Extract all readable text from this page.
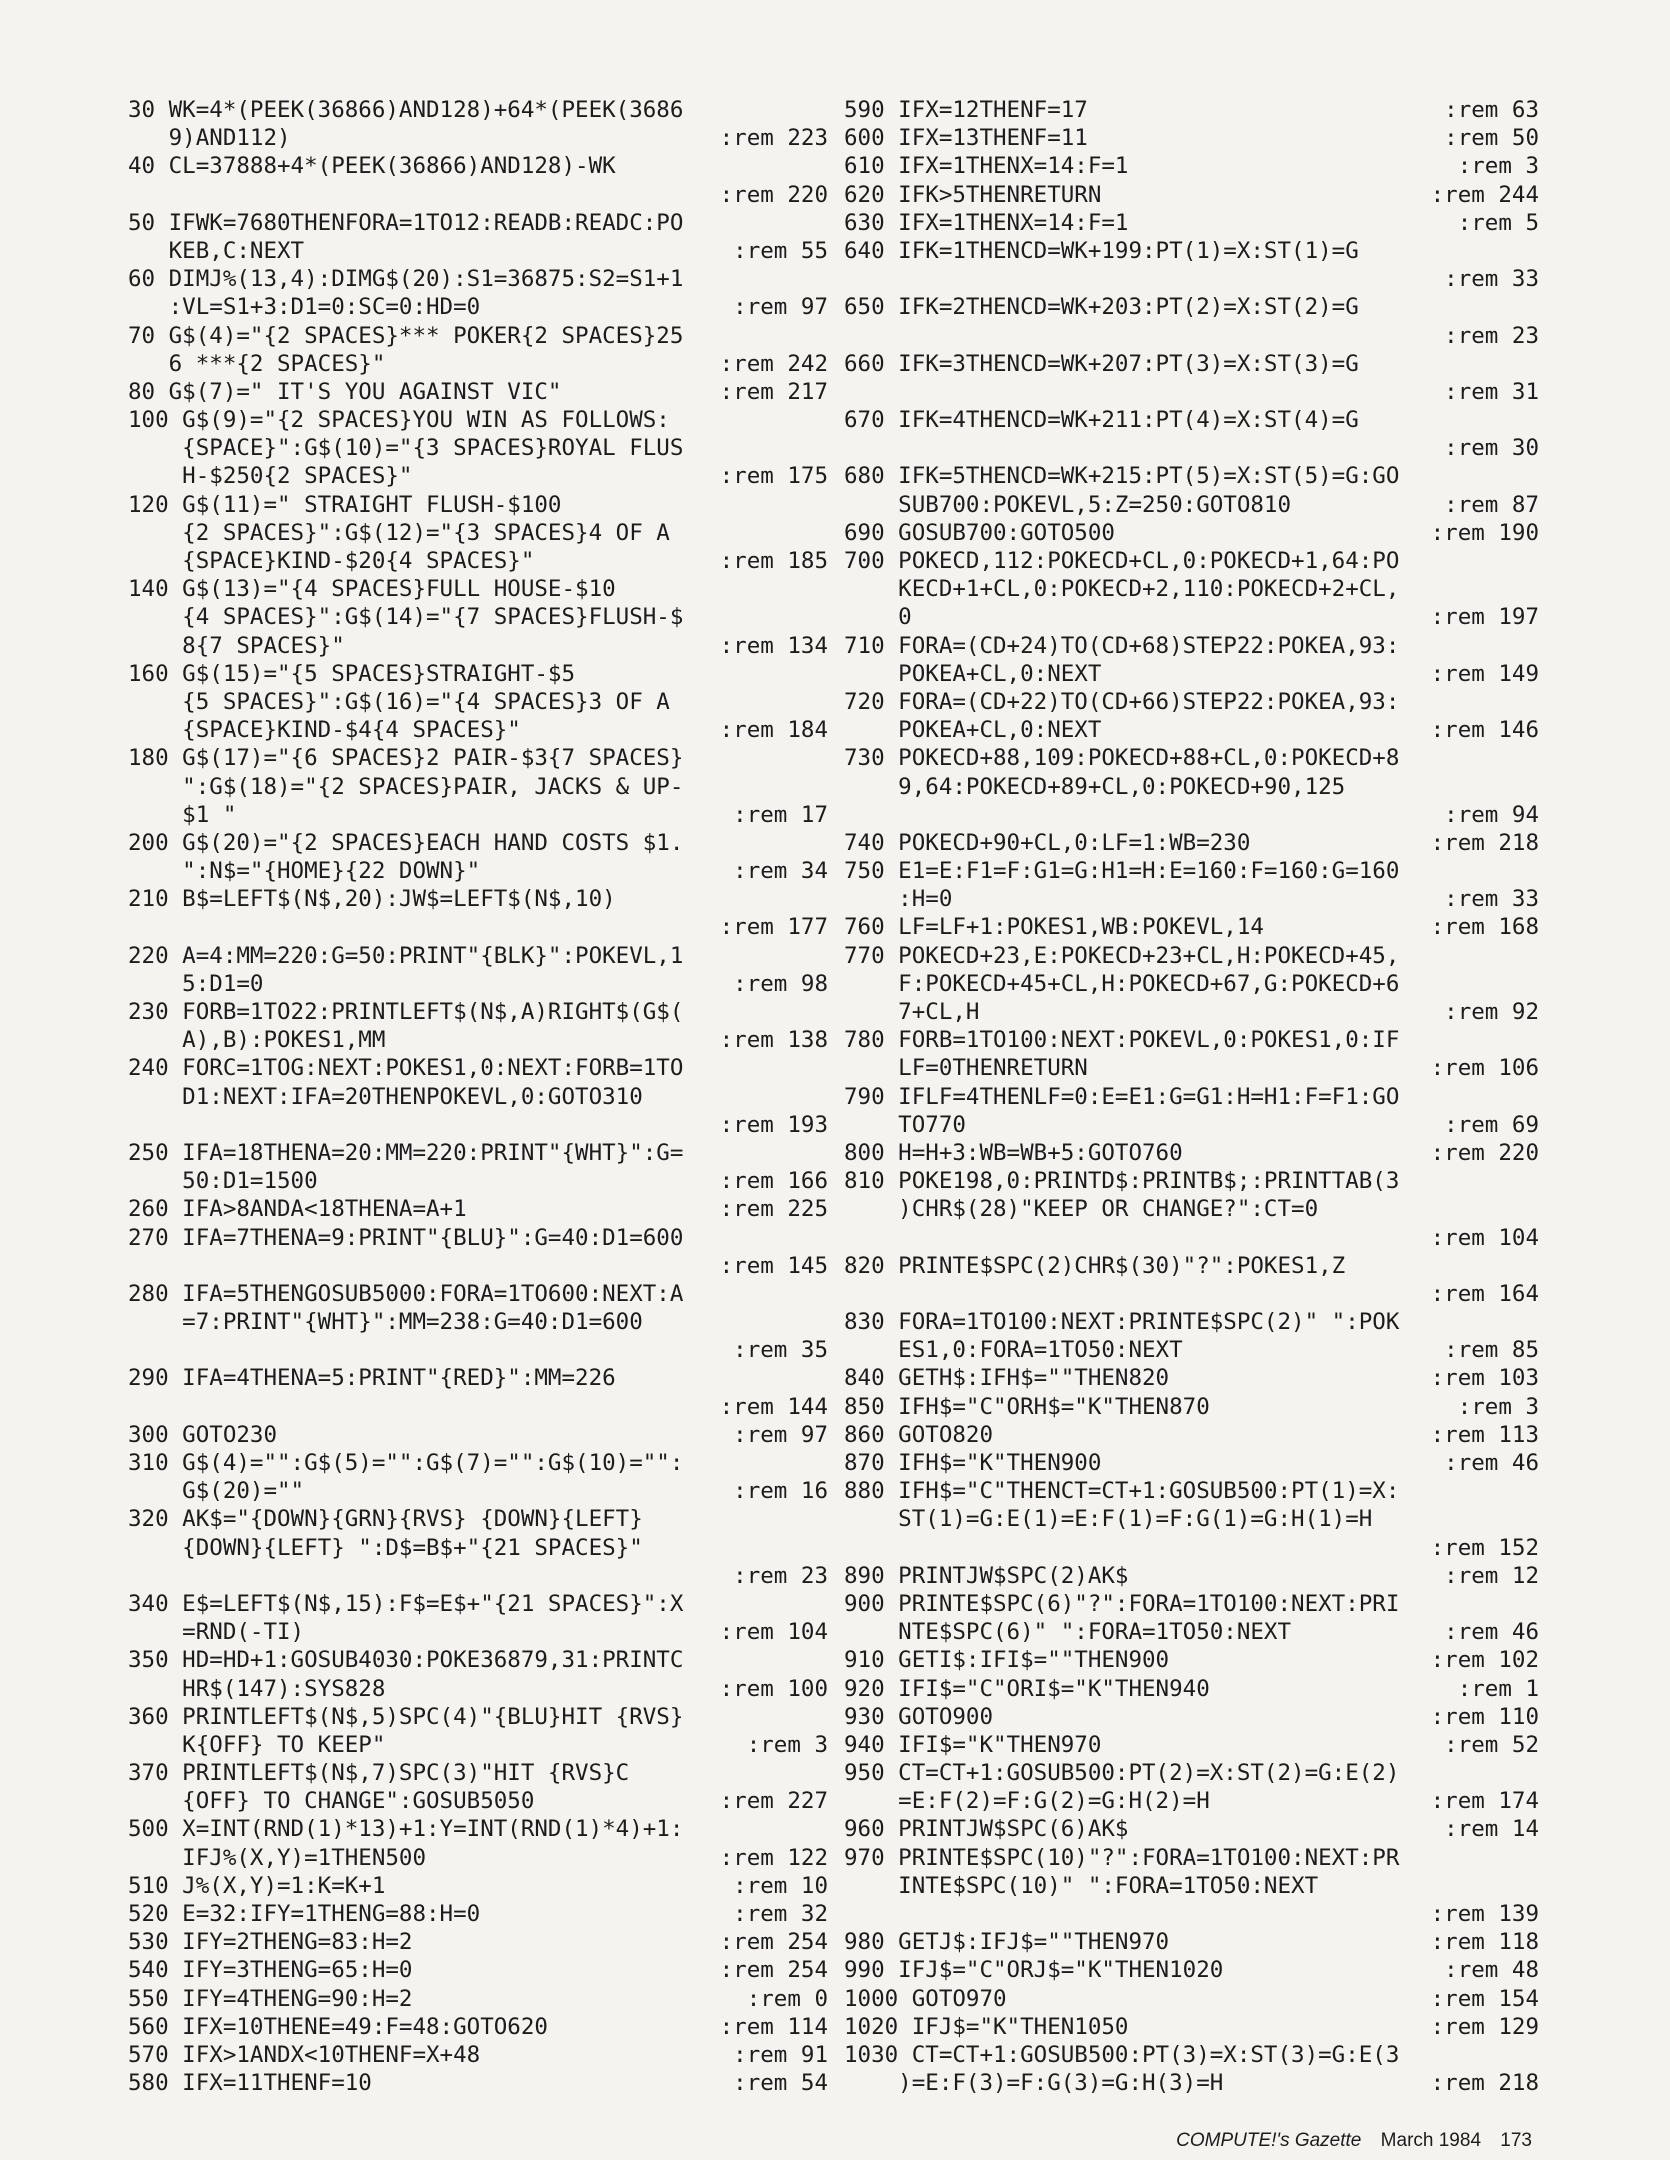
30 WK=4*(PEEK(36866)AND128)+64*(PEEK(3686
9)AND112)	:rem 223
40 CL=37888+4*(PEEK(36866)AND128)-WK
:rem 220
50 IFWK=7680THENFORA=1TO12:READB:READC:PO
KEB,C:NEXT	:rem 55
60 DIMJ%(13,4):DIMG$(20):S1=36875:S2=S1+1
:VL=S1+3:D1=0:SC=0:HD=0	:rem 97
70 G$(4)="{2 SPACES}*** POKER{2 SPACES}25
6 ***{2 SPACES}"	:rem 242
80 G$(7)=" IT'S YOU AGAINST VIC"	:rem 217
100 G$(9)="{2 SPACES}YOU WIN AS FOLLOWS:
{SPACE}":G$(10)="{3 SPACES}ROYAL FLUS
H-$250{2 SPACES}"	:rem 175
120 G$(11)=" STRAIGHT FLUSH-$100
{2 SPACES}":G$(12)="{3 SPACES}4 OF A
{SPACE}KIND-$20{4 SPACES}"	:rem 185
140 G$(13)="{4 SPACES}FULL HOUSE-$10
{4 SPACES}":G$(14)="{7 SPACES}FLUSH-$
8{7 SPACES}"	:rem 134
160 G$(15)="{5 SPACES}STRAIGHT-$5
{5 SPACES}":G$(16)="{4 SPACES}3 OF A
{SPACE}KIND-$4{4 SPACES}"	:rem 184
180 G$(17)="{6 SPACES}2 PAIR-$3{7 SPACES}
":G$(18)="{2 SPACES}PAIR, JACKS & UP-
$1 "	:rem 17
200 G$(20)="{2 SPACES}EACH HAND COSTS $1.
":N$="{HOME}{22 DOWN}"	:rem 34
210 B$=LEFT$(N$,20):JW$=LEFT$(N$,10)
:rem 177
220 A=4:MM=220:G=50:PRINT"{BLK}":POKEVL,1
5:D1=0	:rem 98
230 FORB=1TO22:PRINTLEFT$(N$,A)RIGHT$(G$(
A),B):POKES1,MM	:rem 138
240 FORC=1TOG:NEXT:POKES1,0:NEXT:FORB=1TO
D1:NEXT:IFA=20THENPOKEVL,0:GOTO310
:rem 193
250 IFA=18THENA=20:MM=220:PRINT"{WHT}":G=
50:D1=1500	:rem 166
260 IFA>8ANDA<18THENA=A+1	:rem 225
270 IFA=7THENA=9:PRINT"{BLU}":G=40:D1=600
:rem 145
280 IFA=5THENGOSUB5000:FORA=1TO600:NEXT:A
=7:PRINT"{WHT}":MM=238:G=40:D1=600
:rem 35
290 IFA=4THENA=5:PRINT"{RED}":MM=226
:rem 144
300 GOTO230	:rem 97
310 G$(4)="":G$(5)="":G$(7)="":G$(10)="":
G$(20)=""	:rem 16
320 AK$="{DOWN}{GRN}{RVS} {DOWN}{LEFT}
{DOWN}{LEFT} ":D$=B$+"{21 SPACES}"
:rem 23
340 E$=LEFT$(N$,15):F$=E$+"{21 SPACES}":X
=RND(-TI)	:rem 104
350 HD=HD+1:GOSUB4030:POKE36879,31:PRINTC
HR$(147):SYS828	:rem 100
360 PRINTLEFT$(N$,5)SPC(4)"{BLU}HIT {RVS}
K{OFF} TO KEEP"	:rem 3
370 PRINTLEFT$(N$,7)SPC(3)"HIT {RVS}C
{OFF} TO CHANGE":GOSUB5050	:rem 227
500 X=INT(RND(1)*13)+1:Y=INT(RND(1)*4)+1:
IFJ%(X,Y)=1THEN500	:rem 122
510 J%(X,Y)=1:K=K+1	:rem 10
520 E=32:IFY=1THENG=88:H=0	:rem 32
530 IFY=2THENG=83:H=2	:rem 254
540 IFY=3THENG=65:H=0	:rem 254
550 IFY=4THENG=90:H=2	:rem 0
560 IFX=10THENE=49:F=48:GOTO620	:rem 114
570 IFX>1ANDX<10THENF=X+48	:rem 91
580 IFX=11THENF=10	:rem 54
590 IFX=12THENF=17	:rem 63
600 IFX=13THENF=11	:rem 50
610 IFX=1THENX=14:F=1	:rem 3
620 IFK>5THENRETURN	:rem 244
630 IFX=1THENX=14:F=1	:rem 5
640 IFK=1THENCD=WK+199:PT(1)=X:ST(1)=G
:rem 33
650 IFK=2THENCD=WK+203:PT(2)=X:ST(2)=G
:rem 23
660 IFK=3THENCD=WK+207:PT(3)=X:ST(3)=G
:rem 31
670 IFK=4THENCD=WK+211:PT(4)=X:ST(4)=G
:rem 30
680 IFK=5THENCD=WK+215:PT(5)=X:ST(5)=G:GO
SUB700:POKEVL,5:Z=250:GOTO810	:rem 87
690 GOSUB700:GOTO500	:rem 190
700 POKECD,112:POKECD+CL,0:POKECD+1,64:PO
KECD+1+CL,0:POKECD+2,110:POKECD+2+CL,
0	:rem 197
710 FORA=(CD+24)TO(CD+68)STEP22:POKEA,93:
POKEA+CL,0:NEXT	:rem 149
720 FORA=(CD+22)TO(CD+66)STEP22:POKEA,93:
POKEA+CL,0:NEXT	:rem 146
730 POKECD+88,109:POKECD+88+CL,0:POKECD+8
9,64:POKECD+89+CL,0:POKECD+90,125
:rem 94
740 POKECD+90+CL,0:LF=1:WB=230	:rem 218
750 E1=E:F1=F:G1=G:H1=H:E=160:F=160:G=160
:H=0	:rem 33
760 LF=LF+1:POKES1,WB:POKEVL,14	:rem 168
770 POKECD+23,E:POKECD+23+CL,H:POKECD+45,
F:POKECD+45+CL,H:POKECD+67,G:POKECD+6
7+CL,H	:rem 92
780 FORB=1TO100:NEXT:POKEVL,0:POKES1,0:IF
LF=0THENRETURN	:rem 106
790 IFLF=4THENLF=0:E=E1:G=G1:H=H1:F=F1:GO
TO770	:rem 69
800 H=H+3:WB=WB+5:GOTO760	:rem 220
810 POKE198,0:PRINTD$:PRINTB$;:PRINTTAB(3
)CHR$(28)"KEEP OR CHANGE?":CT=0
:rem 104
820 PRINTE$SPC(2)CHR$(30)"?":POKES1,Z
:rem 164
830 FORA=1TO100:NEXT:PRINTE$SPC(2)" ":POK
ES1,0:FORA=1TO50:NEXT	:rem 85
840 GETH$:IFH$=""THEN820	:rem 103
850 IFH$="C"ORH$="K"THEN870	:rem 3
860 GOTO820	:rem 113
870 IFH$="K"THEN900	:rem 46
880 IFH$="C"THENCT=CT+1:GOSUB500:PT(1)=X:
ST(1)=G:E(1)=E:F(1)=F:G(1)=G:H(1)=H
:rem 152
890 PRINTJW$SPC(2)AK$	:rem 12
900 PRINTE$SPC(6)"?":FORA=1TO100:NEXT:PRI
NTE$SPC(6)" ":FORA=1TO50:NEXT	:rem 46
910 GETI$:IFI$=""THEN900	:rem 102
920 IFI$="C"ORI$="K"THEN940	:rem 1
930 GOTO900	:rem 110
940 IFI$="K"THEN970	:rem 52
950 CT=CT+1:GOSUB500:PT(2)=X:ST(2)=G:E(2)
=E:F(2)=F:G(2)=G:H(2)=H	:rem 174
960 PRINTJW$SPC(6)AK$	:rem 14
970 PRINTE$SPC(10)"?":FORA=1TO100:NEXT:PR
INTE$SPC(10)" ":FORA=1TO50:NEXT
:rem 139
980 GETJ$:IFJ$=""THEN970	:rem 118
990 IFJ$="C"ORJ$="K"THEN1020	:rem 48
1000 GOTO970	:rem 154
1020 IFJ$="K"THEN1050	:rem 129
1030 CT=CT+1:GOSUB500:PT(3)=X:ST(3)=G:E(3
)=E:F(3)=F:G(3)=G:H(3)=H	:rem 218
COMPUTE!'s Gazette March 1984 173
